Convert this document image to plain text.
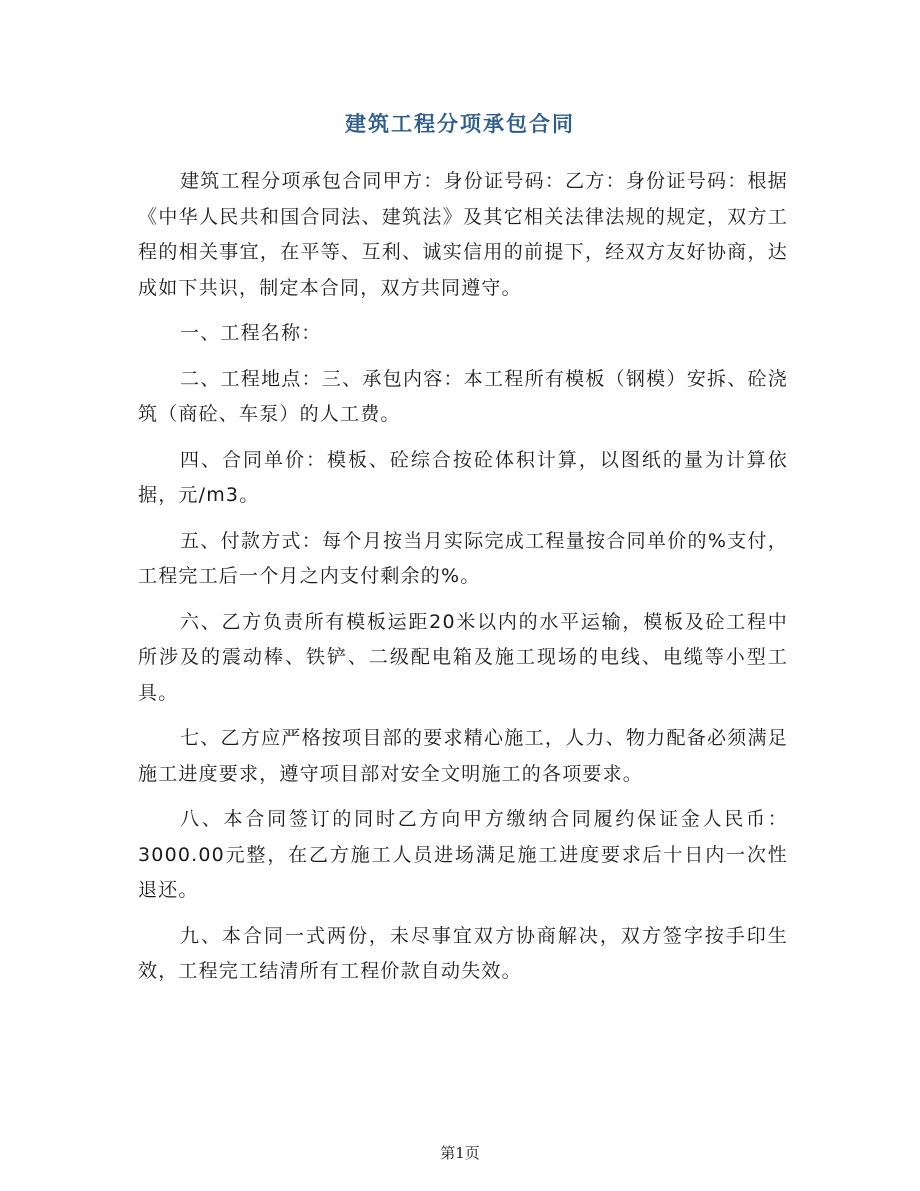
建筑工程分项承包合同

建筑工程分项承包合同甲方：身份证号码：乙方：身份证号码：根据《中华人民共和国合同法、建筑法》及其它相关法律法规的规定，双方工程的相关事宜，在平等、互利、诚实信用的前提下，经双方友好协商，达成如下共识，制定本合同，双方共同遵守。

一、工程名称：

二、工程地点：三、承包内容：本工程所有模板（钢模）安拆、砼浇筑（商砼、车泵）的人工费。

四、合同单价：模板、砼综合按砼体积计算，以图纸的量为计算依据，元/m3。

五、付款方式：每个月按当月实际完成工程量按合同单价的%支付，工程完工后一个月之内支付剩余的%。

六、乙方负责所有模板运距20米以内的水平运输，模板及砼工程中所涉及的震动棒、铁铲、二级配电箱及施工现场的电线、电缆等小型工具。

七、乙方应严格按项目部的要求精心施工，人力、物力配备必须满足施工进度要求，遵守项目部对安全文明施工的各项要求。

八、本合同签订的同时乙方向甲方缴纳合同履约保证金人民币：3000.00元整，在乙方施工人员进场满足施工进度要求后十日内一次性退还。

九、本合同一式两份，未尽事宜双方协商解决，双方签字按手印生效，工程完工结清所有工程价款自动失效。

第1页
